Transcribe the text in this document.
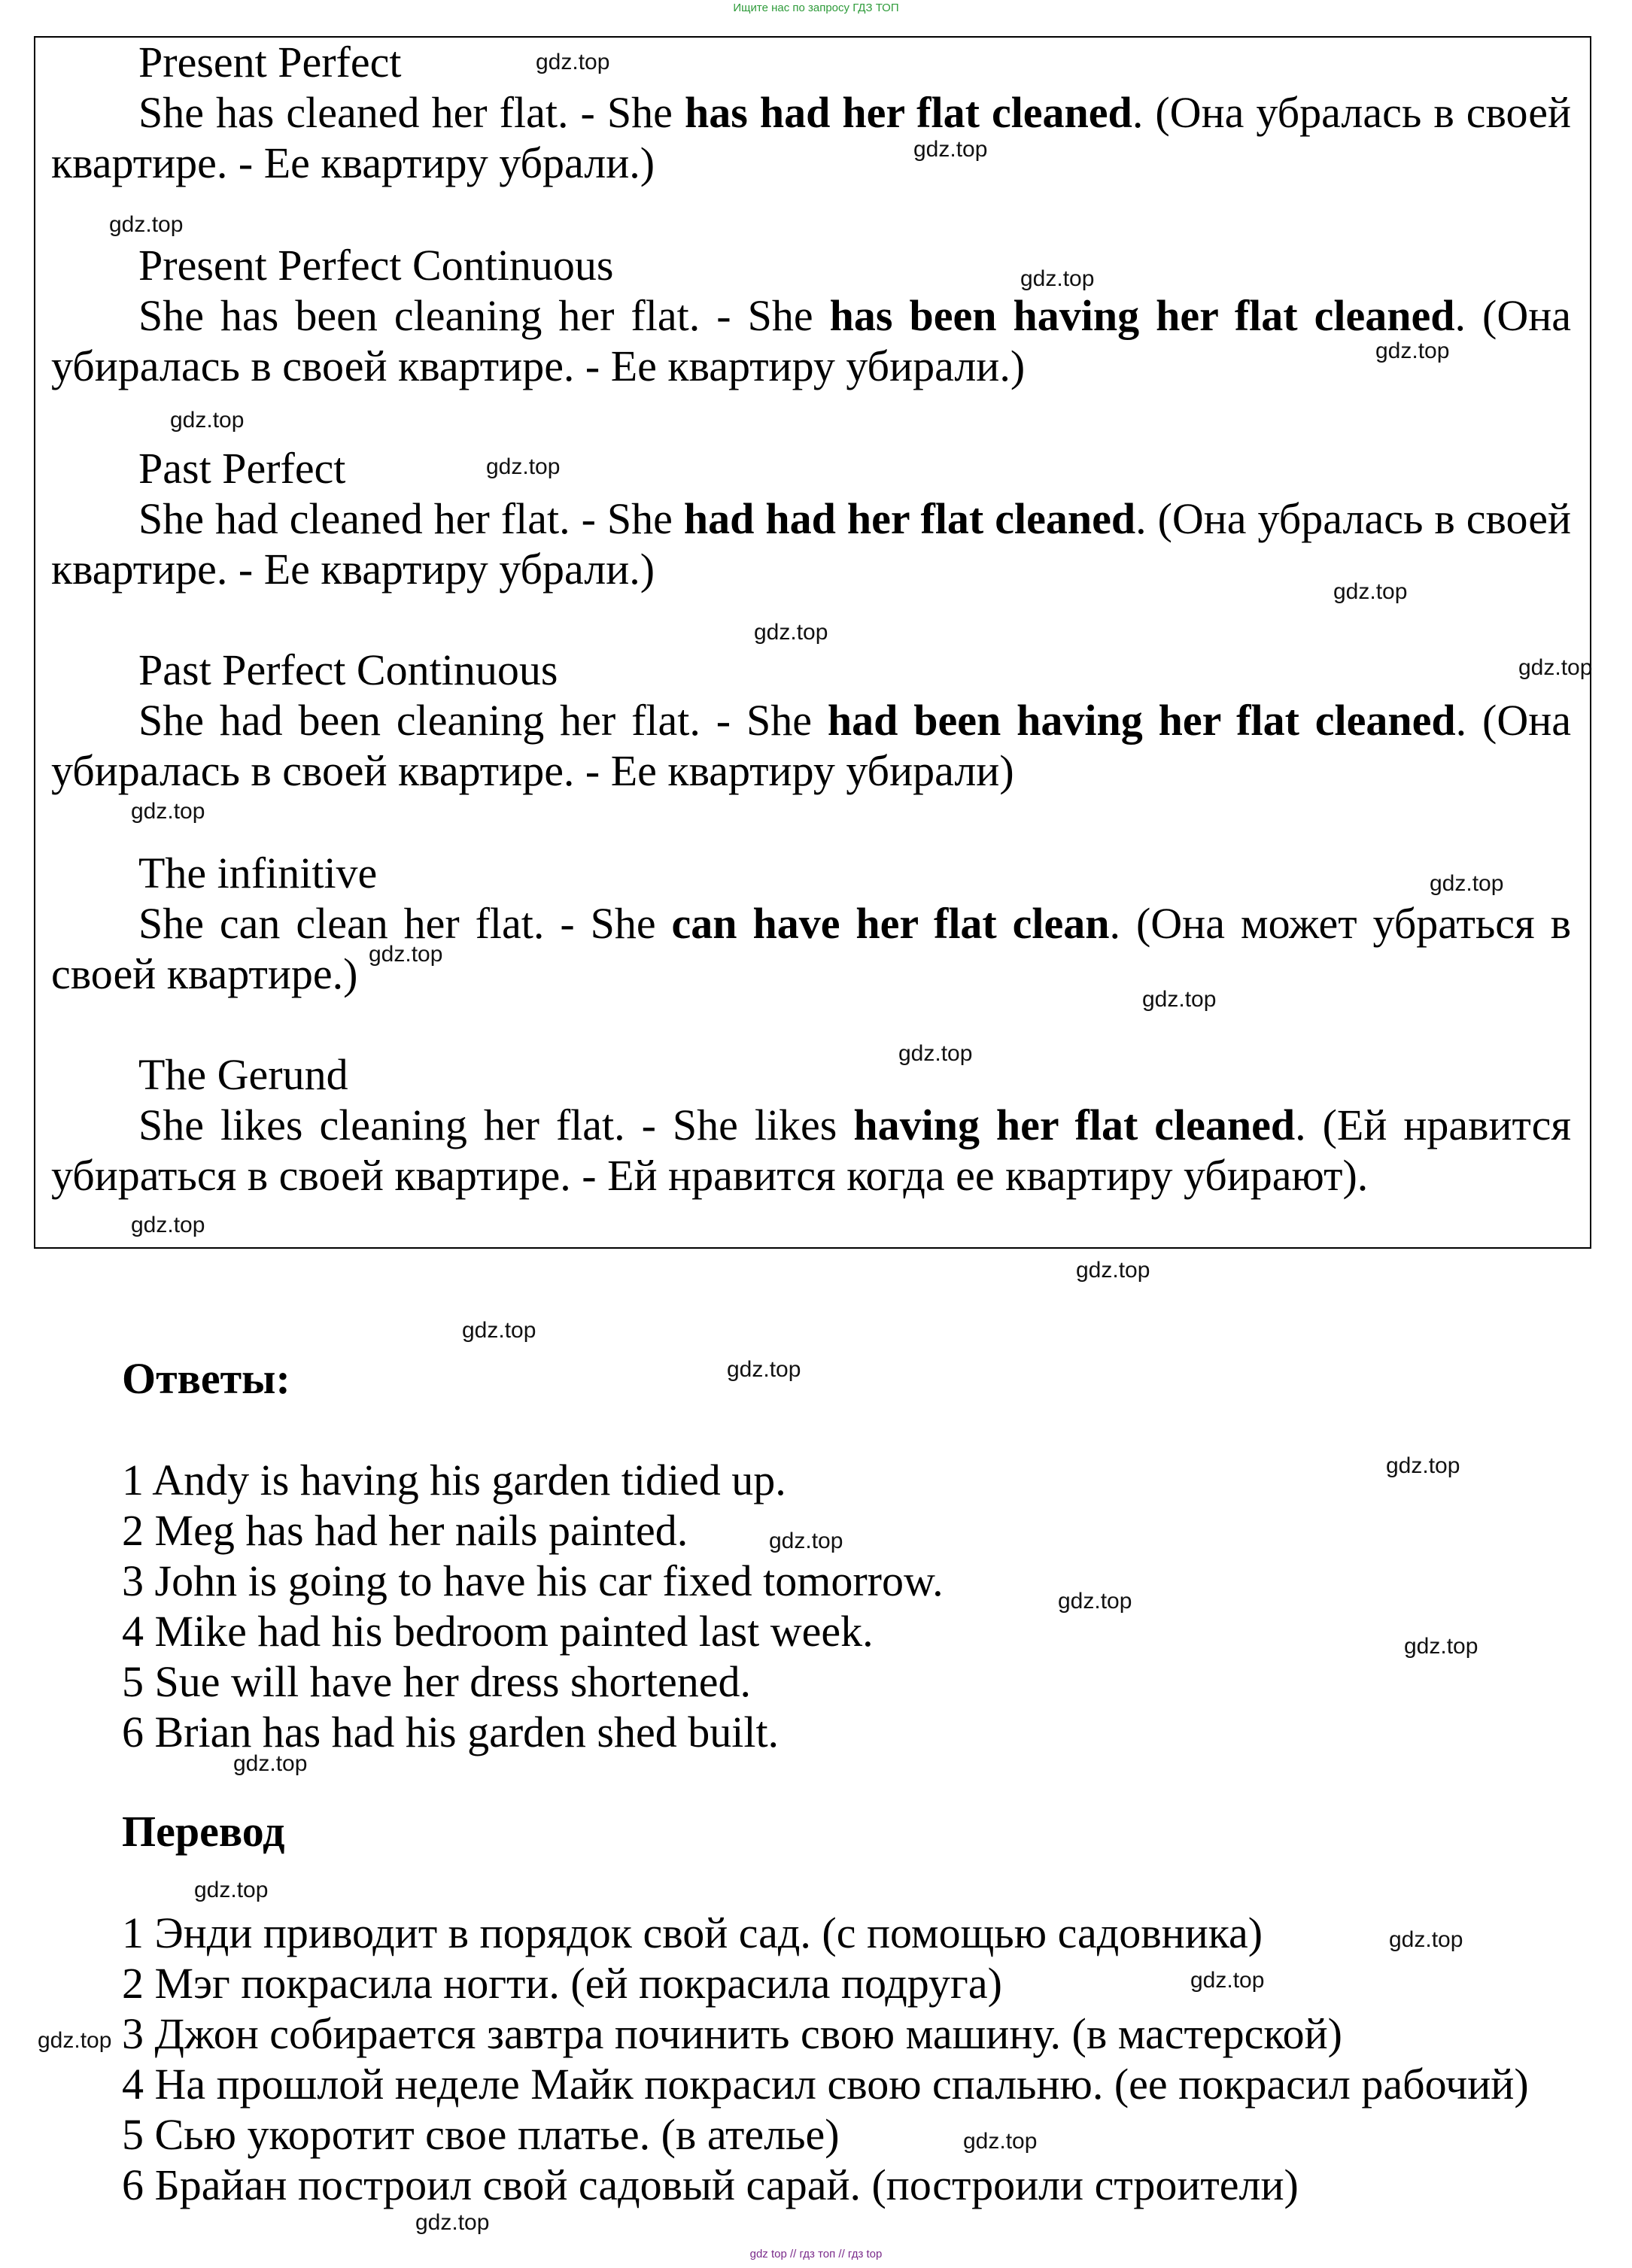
Ищите нас по запросу ГДЗ ТОП
Present Perfect
She has cleaned her flat. - She has had her flat cleaned. (Она убралась в своей квартире. - Ее квартиру убрали.)
Present Perfect Continuous
She has been cleaning her flat. - She has been having her flat cleaned. (Она убиралась в своей квартире. - Ее квартиру убирали.)
Past Perfect
She had cleaned her flat. - She had had her flat cleaned. (Она убралась в своей квартире. - Ее квартиру убрали.)
Past Perfect Continuous
She had been cleaning her flat. - She had been having her flat cleaned. (Она убиралась в своей квартире. - Ее квартиру убирали)
The infinitive
She can clean her flat. - She can have her flat clean. (Она может убраться в своей квартире.)
The Gerund
She likes cleaning her flat. - She likes having her flat cleaned. (Ей нравится убираться в своей квартире. - Ей нравится когда ее квартиру убирают).
Ответы:
1 Andy is having his garden tidied up.
2 Meg has had her nails painted.
3 John is going to have his car fixed tomorrow.
4 Mike had his bedroom painted last week.
5 Sue will have her dress shortened.
6 Brian has had his garden shed built.
Перевод
1 Энди приводит в порядок свой сад. (с помощью садовника)
2 Мэг покрасила ногти. (ей покрасила подруга)
3 Джон собирается завтра починить свою машину. (в мастерской)
4 На прошлой неделе Майк покрасил свою спальню. (ее покрасил рабочий)
5 Сью укоротит свое платье. (в ателье)
6 Брайан построил свой садовый сарай. (построили строители)
gdz.top
gdz.top
gdz.top
gdz.top
gdz.top
gdz.top
gdz.top
gdz.top
gdz.top
gdz.top
gdz.top
gdz.top
gdz.top
gdz.top
gdz.top
gdz.top
gdz.top
gdz.top
gdz.top
gdz.top
gdz.top
gdz.top
gdz.top
gdz.top
gdz.top
gdz.top
gdz.top
gdz.top
gdz.top
gdz.top
gdz top // гдз топ // гдз top
